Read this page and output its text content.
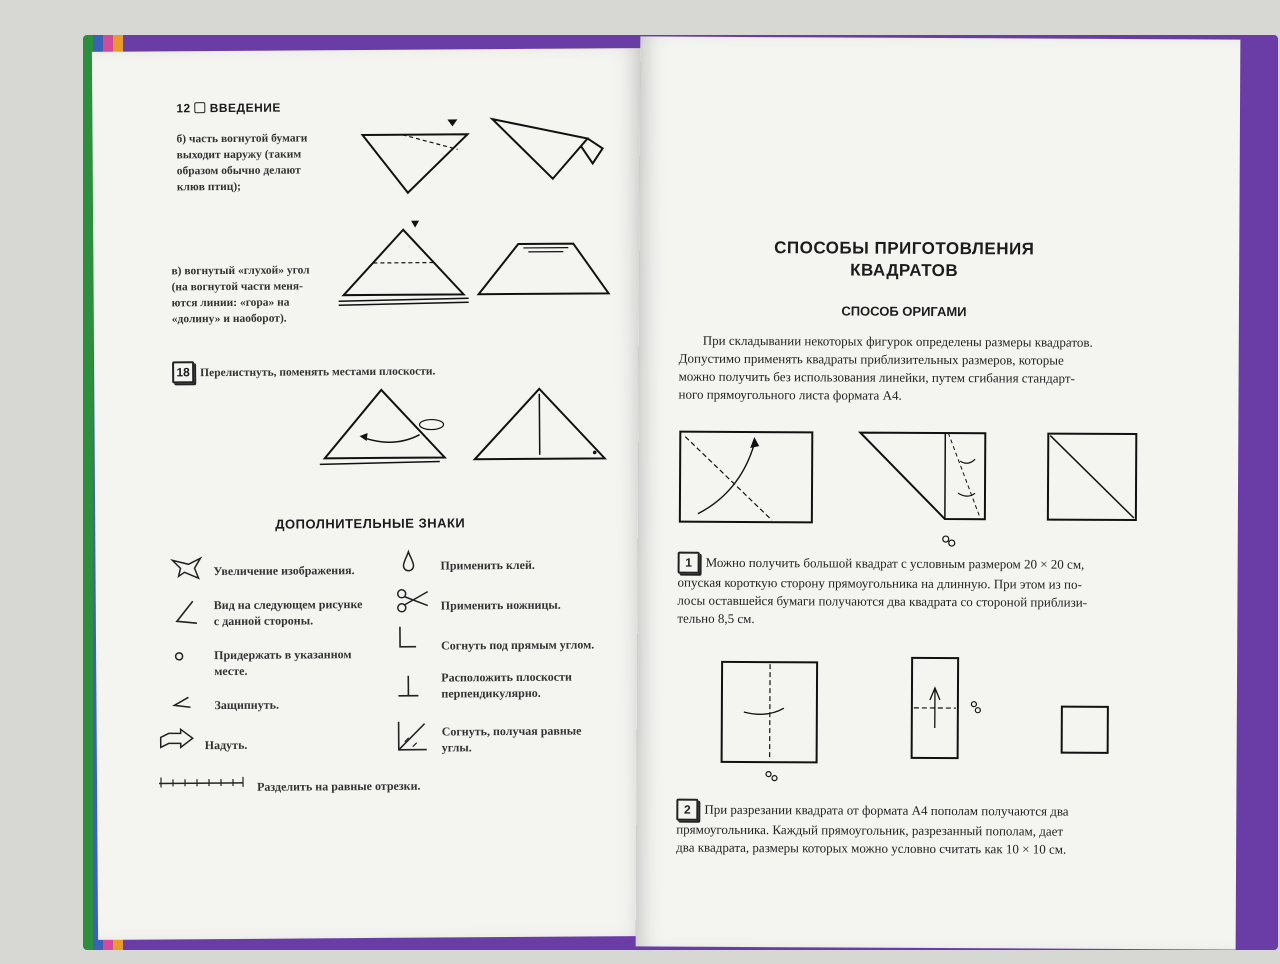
12 ВВЕДЕНИЕ
б) часть вогнутой бумаги
выходит наружу (таким
образом обычно делают
клюв птиц);
в) вогнутый «глухой» угол
(на вогнутой части меня-
ются линии: «гора» на
«долину» и наоборот).
18 Перелистнуть, поменять местами плоскости.
ДОПОЛНИТЕЛЬНЫЕ ЗНАКИ
Увеличение изображения.
Вид на следующем рисунке
с данной стороны.
Придержать в указанном
месте.
Защипнуть.
Надуть.
Разделить на равные отрезки.
Применить клей.
Применить ножницы.
Согнуть под прямым углом.
Расположить плоскости
перпендикулярно.
Согнуть, получая равные
углы.
СПОСОБЫ ПРИГОТОВЛЕНИЯ
КВАДРАТОВ
СПОСОБ ОРИГАМИ
При складывании некоторых фигурок определены размеры квадратов.
Допустимо применять квадраты приблизительных размеров, которые
можно получить без использования линейки, путем сгибания стандарт-
ного прямоугольного листа формата А4.
1 Можно получить большой квадрат с условным размером 20 × 20 см,
опуская короткую сторону прямоугольника на длинную. При этом из по-
лосы оставшейся бумаги получаются два квадрата со стороной приблизи-
тельно 8,5 см.
2 При разрезании квадрата от формата А4 пополам получаются два
прямоугольника. Каждый прямоугольник, разрезанный пополам, дает
два квадрата, размеры которых можно условно считать как 10 × 10 см.
